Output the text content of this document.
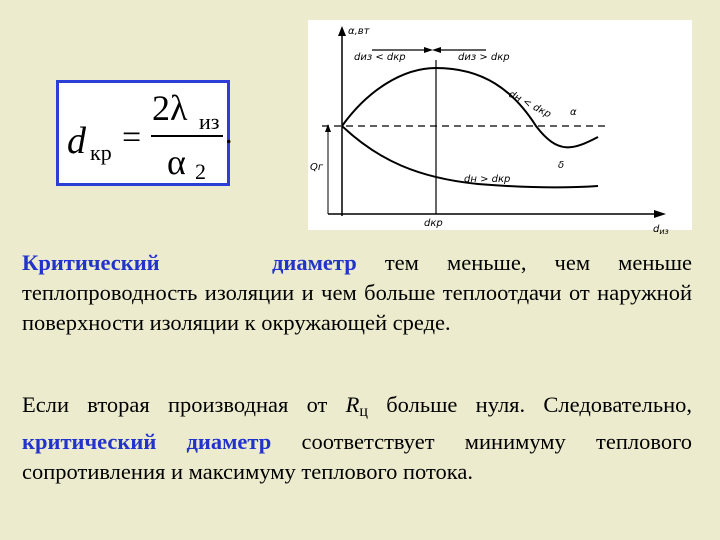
d кр =
2λ из
α 2
.
α,вт
$d_{из}$
dиз < dкр	dиз > dкр
dн < dкр
dн > dкр
α
δ
Qг
dкр

Критический	диаметр тем меньше, чем меньше теплопроводность изоляции и чем больше теплоотдачи от наружной поверхности изоляции к окружающей среде.

Если вторая производная от Rц больше нуля. Следовательно, критический диаметр соответствует минимуму теплового сопротивления и максимуму теплового потока.
